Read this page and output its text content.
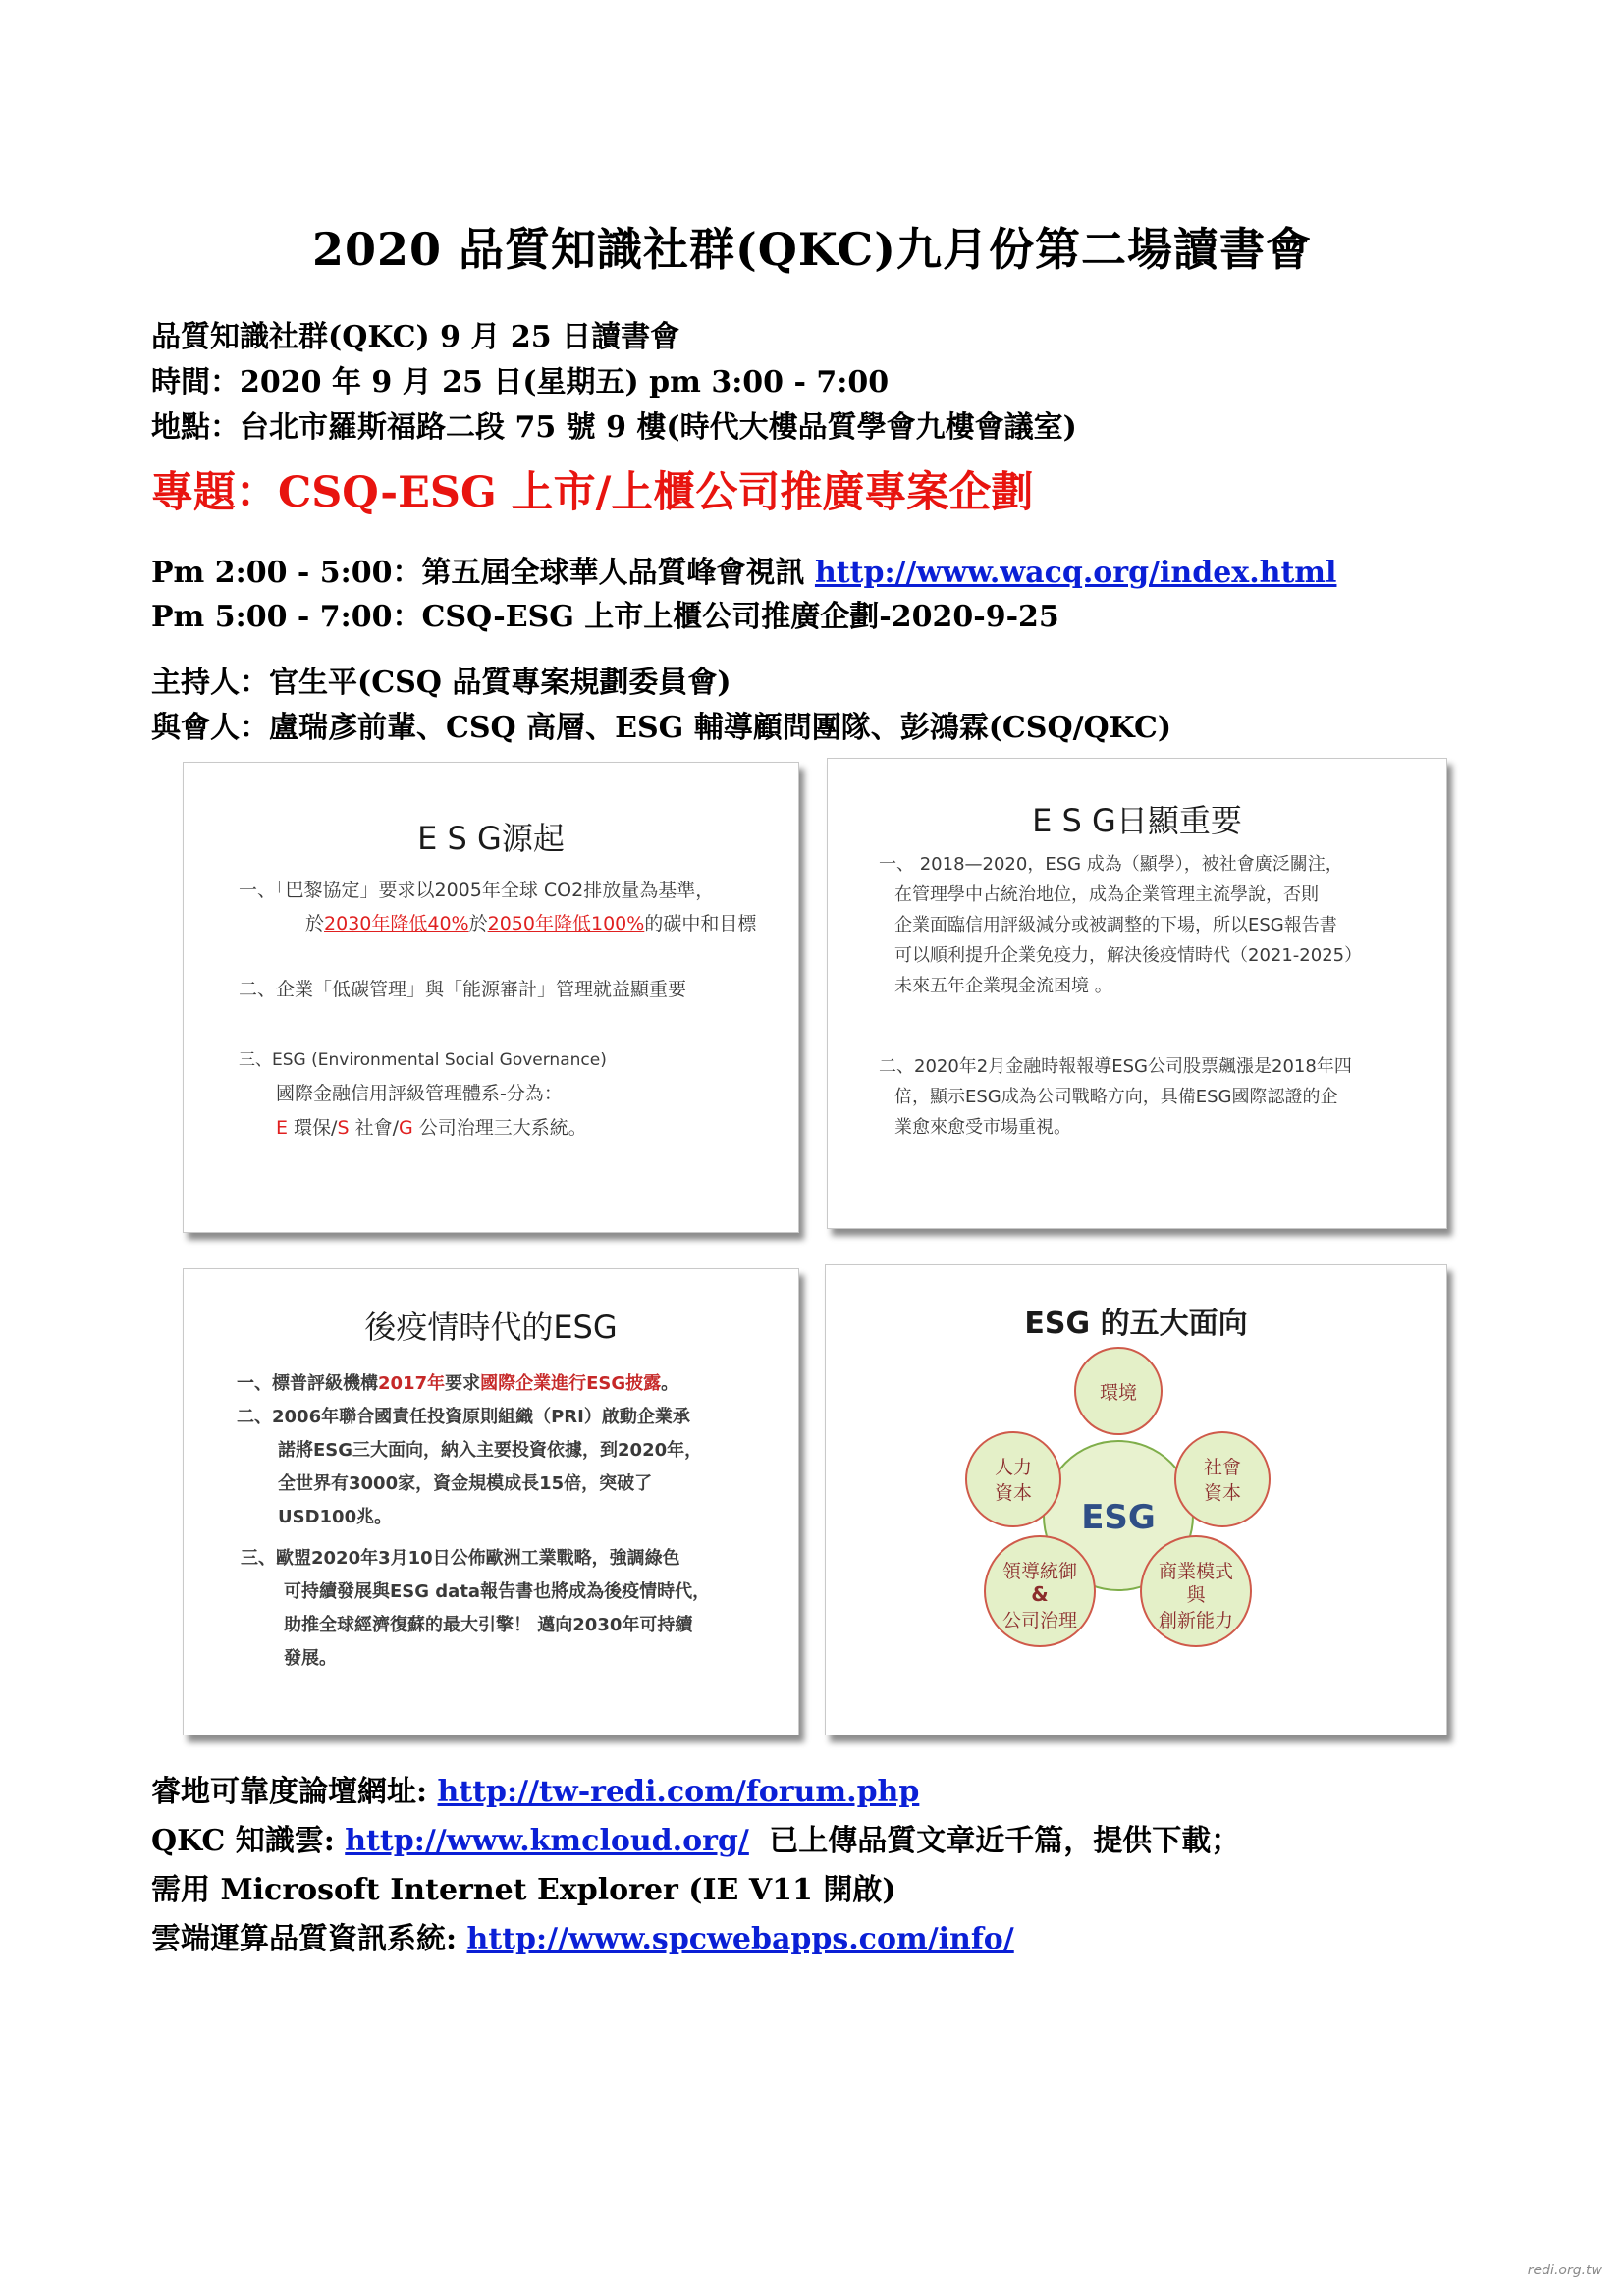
2020 品質知識社群(QKC)九月份第二場讀書會
品質知識社群(QKC) 9 月 25 日讀書會
時間：2020 年 9 月 25 日(星期五) pm 3:00 - 7:00
地點：台北市羅斯福路二段 75 號 9 樓(時代大樓品質學會九樓會議室)
專題：CSQ-ESG 上市/上櫃公司推廣專案企劃
Pm 2:00 - 5:00：第五屆全球華人品質峰會視訊 http://www.wacq.org/index.html
Pm 5:00 - 7:00：CSQ-ESG 上市上櫃公司推廣企劃-2020-9-25
主持人：官生平(CSQ 品質專案規劃委員會)
與會人：盧瑞彥前輩、CSQ 高層、ESG 輔導顧問團隊、彭鴻霖(CSQ/QKC)
E S G源起
一、「巴黎協定」要求以2005年全球 CO2排放量為基準，
於2030年降低40%於2050年降低100%的碳中和目標
二、企業「低碳管理」與「能源審計」管理就益顯重要
三、ESG (Environmental Social Governance)
國際金融信用評級管理體系-分為：
E 環保/S 社會/G 公司治理三大系統。
E S G日顯重要
一、 2018—2020，ESG 成為（顯學），被社會廣泛關注，
在管理學中占統治地位，成為企業管理主流學說，否則
企業面臨信用評級減分或被調整的下場，所以ESG報告書
可以順利提升企業免疫力，解決後疫情時代（2021-2025）
未來五年企業現金流困境 。
二、2020年2月金融時報報導ESG公司股票飆漲是2018年四
倍，顯示ESG成為公司戰略方向，具備ESG國際認證的企
業愈來愈受市場重視。
後疫情時代的ESG
一、標普評級機構2017年要求國際企業進行ESG披露。
二、2006年聯合國責任投資原則組織（PRI）啟動企業承
諾將ESG三大面向，納入主要投資依據，到2020年，
全世界有3000家，資金規模成長15倍，突破了
USD100兆。
三、歐盟2020年3月10日公佈歐洲工業戰略，強調綠色
可持續發展與ESG data報告書也將成為後疫情時代，
助推全球經濟復蘇的最大引擎！ 邁向2030年可持續
發展。
ESG 的五大面向
ESG
環境
人力
資本
社會
資本
領導統御
&
公司治理
商業模式
與
創新能力
睿地可靠度論壇網址: http://tw-redi.com/forum.php
QKC 知識雲: http://www.kmcloud.org/ 已上傳品質文章近千篇，提供下載；
需用 Microsoft Internet Explorer (IE V11 開啟)
雲端運算品質資訊系統: http://www.spcwebapps.com/info/
redi.org.tw
